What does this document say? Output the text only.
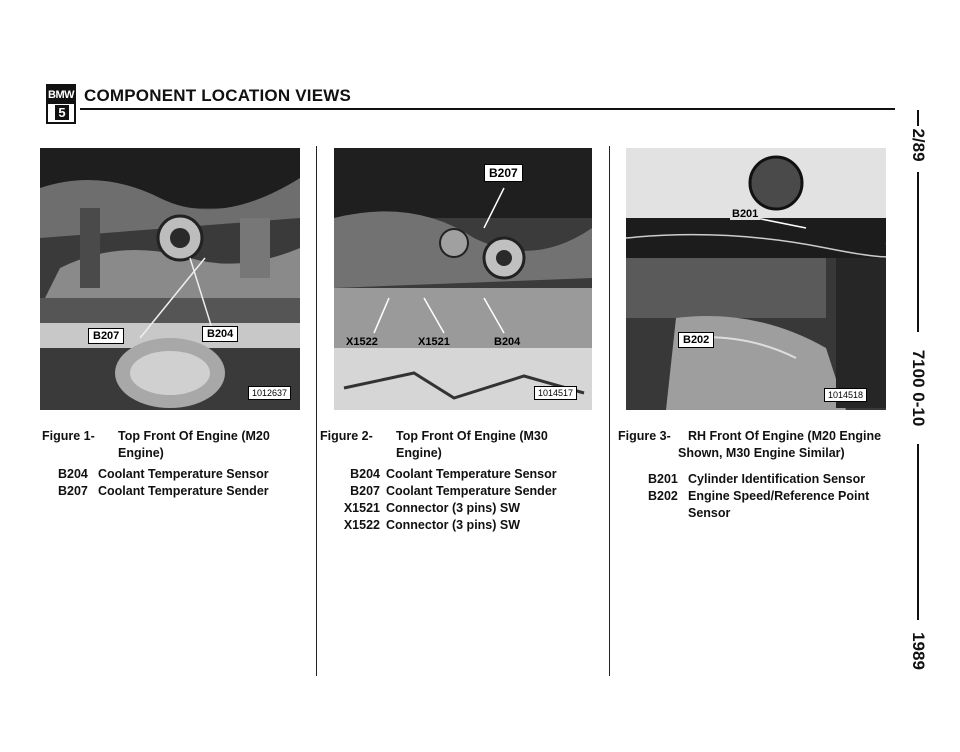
BMW
5
COMPONENT LOCATION VIEWS
2/89
7100 0-10
1989
B207	B204
1012637
B207
X1522	X1521	B204
1014517
B201
B202
1014518
Figure 1- Top Front Of Engine (M20
Engine)
B204 Coolant Temperature Sensor
B207 Coolant Temperature Sender
Figure 2- Top Front Of Engine (M30
Engine)
B204 Coolant Temperature Sensor
B207 Coolant Temperature Sender
X1521 Connector (3 pins) SW
X1522 Connector (3 pins) SW
Figure 3- RH Front Of Engine (M20 Engine
Shown, M30 Engine Similar)
B201 Cylinder Identification Sensor
B202 Engine Speed/Reference Point
Sensor
